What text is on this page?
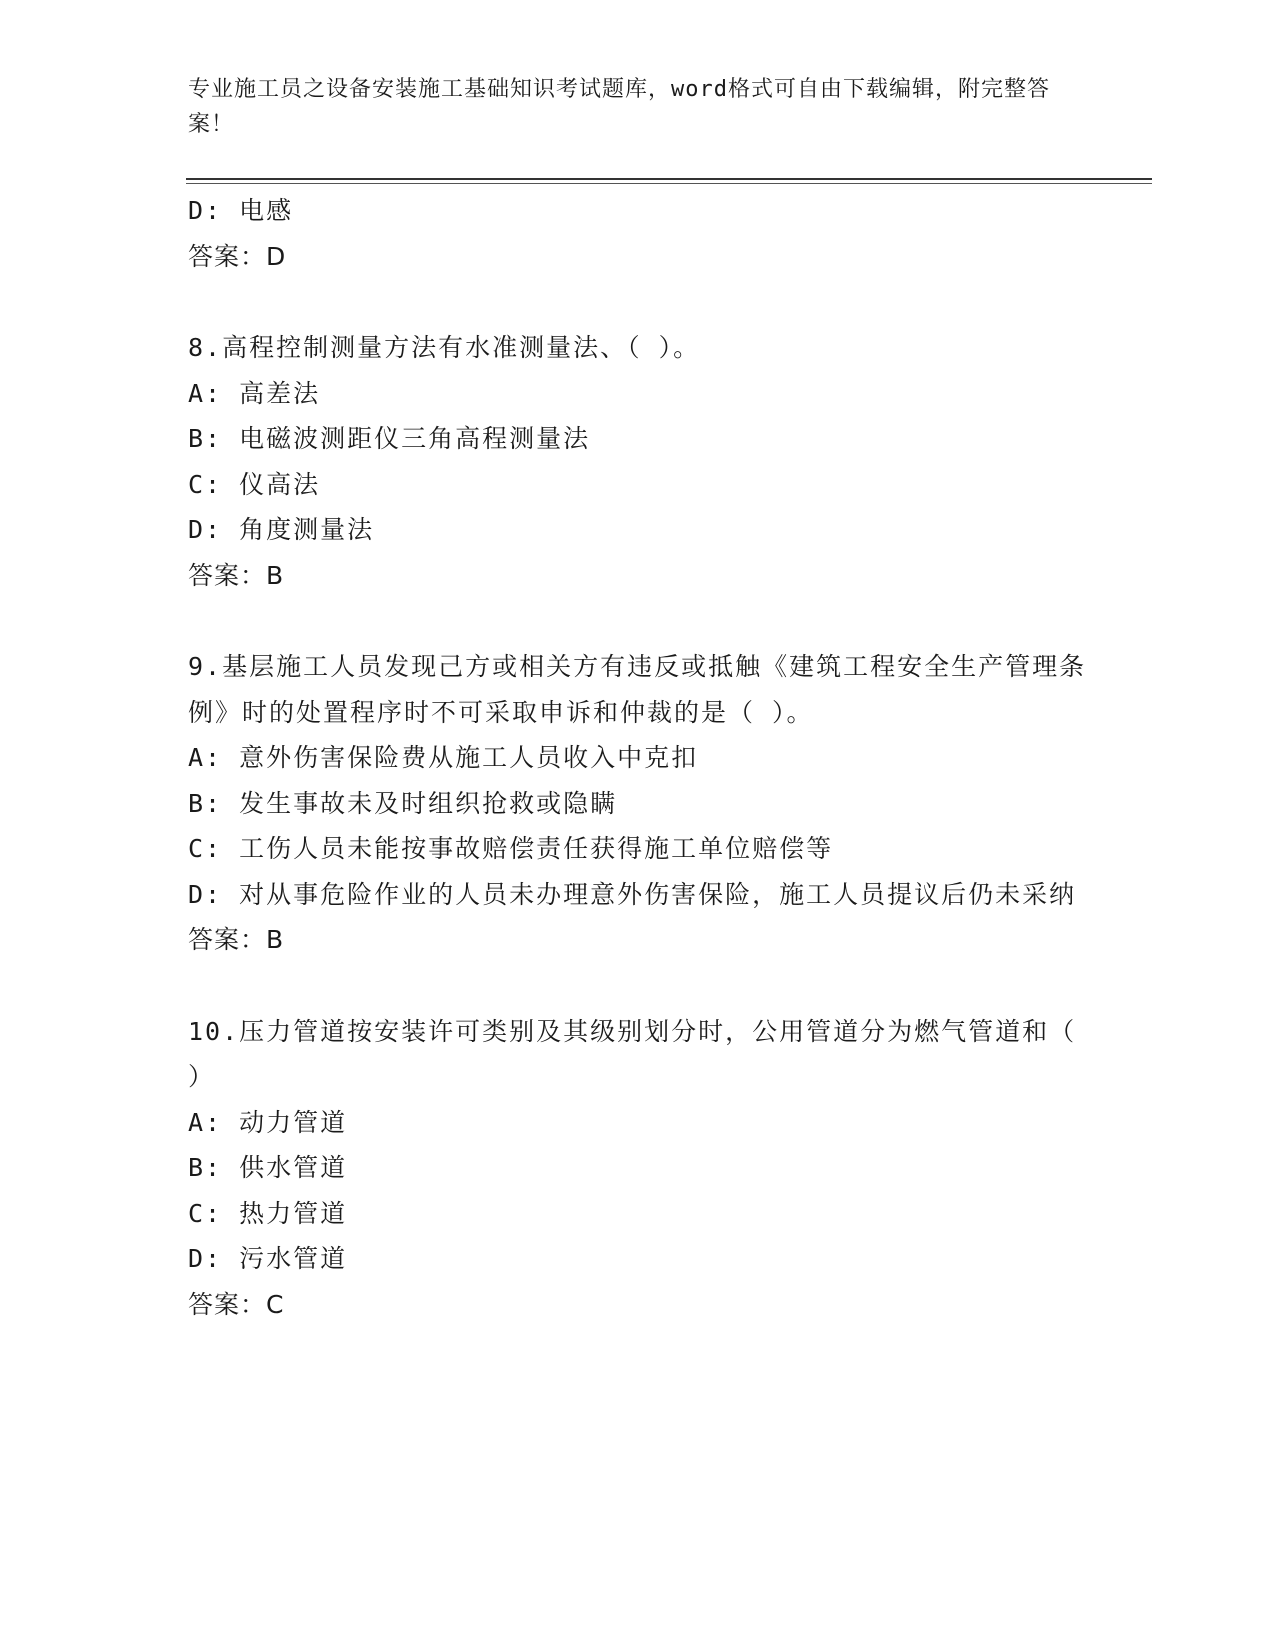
专业施工员之设备安装施工基础知识考试题库，word格式可自由下载编辑，附完整答案！
D: 电感
答案：D
8.高程控制测量方法有水准测量法、（ ）。
A: 高差法
B: 电磁波测距仪三角高程测量法
C: 仪高法
D: 角度测量法
答案：B
9.基层施工人员发现己方或相关方有违反或抵触《建筑工程安全生产管理条例》时的处置程序时不可采取申诉和仲裁的是（ ）。
A: 意外伤害保险费从施工人员收入中克扣
B: 发生事故未及时组织抢救或隐瞒
C: 工伤人员未能按事故赔偿责任获得施工单位赔偿等
D: 对从事危险作业的人员未办理意外伤害保险，施工人员提议后仍未采纳
答案：B
10.压力管道按安装许可类别及其级别划分时，公用管道分为燃气管道和（ ）
A: 动力管道
B: 供水管道
C: 热力管道
D: 污水管道
答案：C
